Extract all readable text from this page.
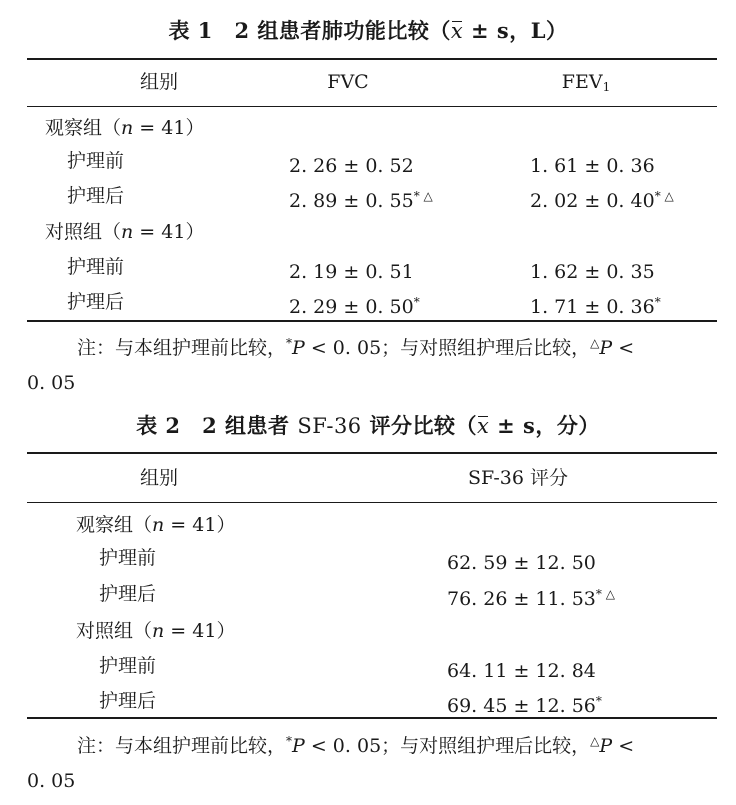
表 1 2 组患者肺功能比较（x ± s，L）
组别	FVC	$FEV_1$
观察组（n = 41）
护理前	2. 26 ± 0. 52	1. 61 ± 0. 36
护理后	2. 89 ± 0. 55* △	2. 02 ± 0. 40* △
对照组（n = 41）
护理前	2. 19 ± 0. 51	1. 62 ± 0. 35
护理后	2. 29 ± 0. 50*	1. 71 ± 0. 36*
注：与本组护理前比较，*P < 0. 05；与对照组护理后比较，△P <
0. 05
表 2 2 组患者 SF-36 评分比较（x ± s，分）
组别	SF-36 评分
观察组（n = 41）
护理前	62. 59 ± 12. 50
护理后	76. 26 ± 11. 53* △
对照组（n = 41）
护理前	64. 11 ± 12. 84
护理后	69. 45 ± 12. 56*
注：与本组护理前比较，*P < 0. 05；与对照组护理后比较，△P <
0. 05
